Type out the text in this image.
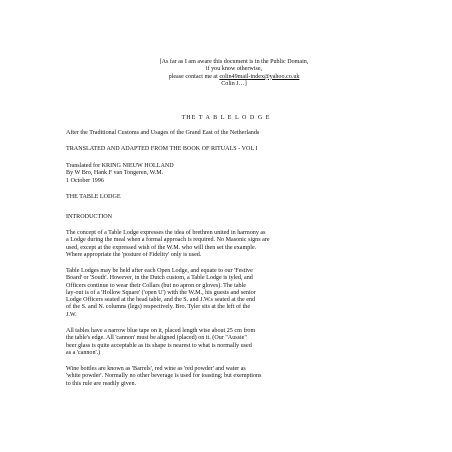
[As far as I am aware this document is in the Public Domain,
if you know otherwise,
please contact me at colin49mail-index@yahoo.co.uk
Colin J…]
THE T A B L E L O D G E
After the Traditional Customs and Usages of the Grand East of the Netherlands
TRANSLATED AND ADAPTED FROM THE BOOK OF RITUALS - VOL I
Translated for KRING NIEUW HOLLAND
By W Bro, Hank F van Tongeren, W.M.
1 October 1996
THE TABLE LODGE
INTRODUCTION
The concept of a Table Lodge expresses the idea of brethren united in harmony as
a Lodge during the meal when a formal approach is required. No Masonic signs are
used, except at the expressed wish of the W.M. who will then set the example.
Where appropriate the 'posture of Fidelity' only is used.
Table Lodges may be held after each Open Lodge, and equate to our 'Festive
Board' or 'South'. However, in the Dutch custom, a Table Lodge is tyled, and
Officers continue to wear their Collars (but no apron or gloves). The table
lay-out is of a 'Hollow Square' ('open U') with the W.M., his guests and senior
Lodge Officers seated at the head table, and the S. and J.W.s seated at the end
of the S. and N. columns (legs) respectively. Bro. Tyler sits at the left of the
J.W.
All tables have a narrow blue tape on it, placed length wise about 25 cm from
the table's edge. All 'cannon' must be aligned (placed) on it. (Our "Aussie"
beer glass is quite acceptable as its shape is nearest to what is normally used
as a 'cannon'.)
Wine bottles are known as 'Barrels', red wine as 'red powder' and water as
'white powder'. Normally no other beverage is used for toasting; but exemptions
to this rule are readily given.
